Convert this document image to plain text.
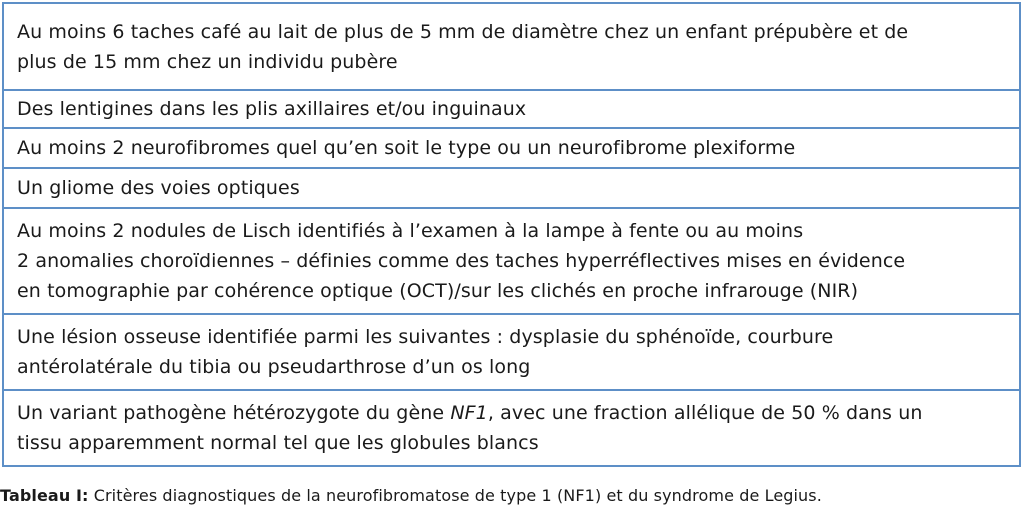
Au moins 6 taches café au lait de plus de 5 mm de diamètre chez un enfant prépubère et de
plus de 15 mm chez un individu pubère
Des lentigines dans les plis axillaires et/ou inguinaux
Au moins 2 neurofibromes quel qu’en soit le type ou un neurofibrome plexiforme
Un gliome des voies optiques
Au moins 2 nodules de Lisch identifiés à l’examen à la lampe à fente ou au moins
2 anomalies choroïdiennes – définies comme des taches hyperréflectives mises en évidence
en tomographie par cohérence optique (OCT)/sur les clichés en proche infrarouge (NIR)
Une lésion osseuse identifiée parmi les suivantes : dysplasie du sphénoïde, courbure
antérolatérale du tibia ou pseudarthrose d’un os long
Un variant pathogène hétérozygote du gène NF1, avec une fraction allélique de 50 % dans un
tissu apparemment normal tel que les globules blancs
Tableau I: Critères diagnostiques de la neurofibromatose de type 1 (NF1) et du syndrome de Legius.
